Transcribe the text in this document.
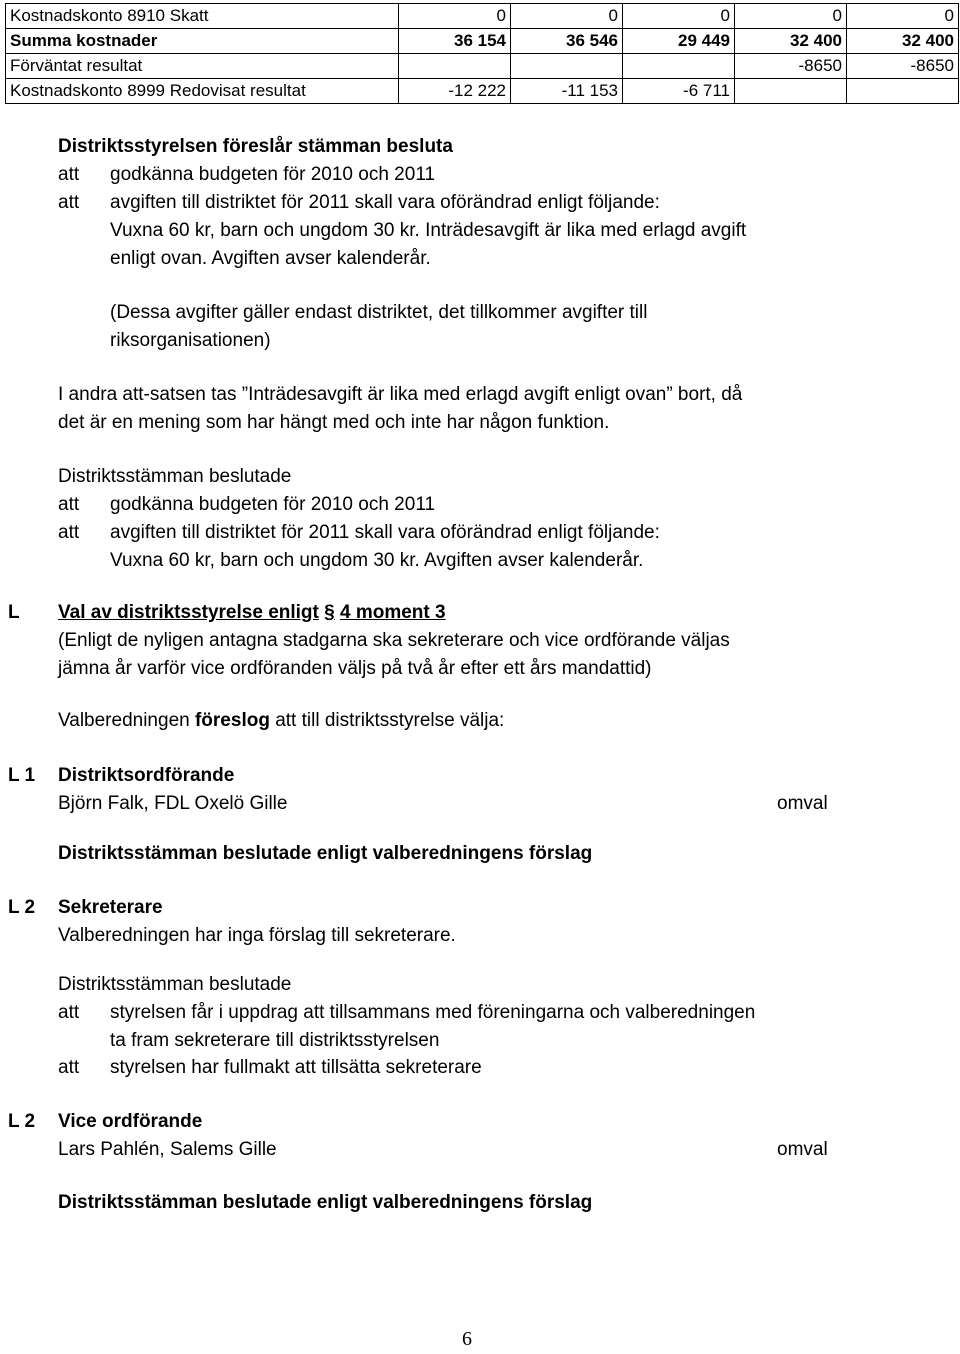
Kostnadskonto 8910 Skatt	0	0	0	0	0
Summa kostnader	36 154	36 546	29 449	32 400	32 400
Förväntat resultat				-8650	-8650
Kostnadskonto 8999 Redovisat resultat	-12 222	-11 153	-6 711		
Distriktsstyrelsen föreslår stämman besluta
att godkänna budgeten för 2010 och 2011
att avgiften till distriktet för 2011 skall vara oförändrad enligt följande:
Vuxna 60 kr, barn och ungdom 30 kr. Inträdesavgift är lika med erlagd avgift
enligt ovan. Avgiften avser kalenderår.
(Dessa avgifter gäller endast distriktet, det tillkommer avgifter till
riksorganisationen)
I andra att-satsen tas ”Inträdesavgift är lika med erlagd avgift enligt ovan” bort, då
det är en mening som har hängt med och inte har någon funktion.
Distriktsstämman beslutade
att godkänna budgeten för 2010 och 2011
att avgiften till distriktet för 2011 skall vara oförändrad enligt följande:
Vuxna 60 kr, barn och ungdom 30 kr. Avgiften avser kalenderår.
L Val av distriktsstyrelse enligt § 4 moment 3
(Enligt de nyligen antagna stadgarna ska sekreterare och vice ordförande väljas
jämna år varför vice ordföranden väljs på två år efter ett års mandattid)
Valberedningen föreslog att till distriktsstyrelse välja:
L 1 Distriktsordförande
Björn Falk, FDL Oxelö Gille	omval
Distriktsstämman beslutade enligt valberedningens förslag
L 2 Sekreterare
Valberedningen har inga förslag till sekreterare.
Distriktsstämman beslutade
att styrelsen får i uppdrag att tillsammans med föreningarna och valberedningen
ta fram sekreterare till distriktsstyrelsen
att styrelsen har fullmakt att tillsätta sekreterare
L 2 Vice ordförande
Lars Pahlén, Salems Gille	omval
Distriktsstämman beslutade enligt valberedningens förslag
6
